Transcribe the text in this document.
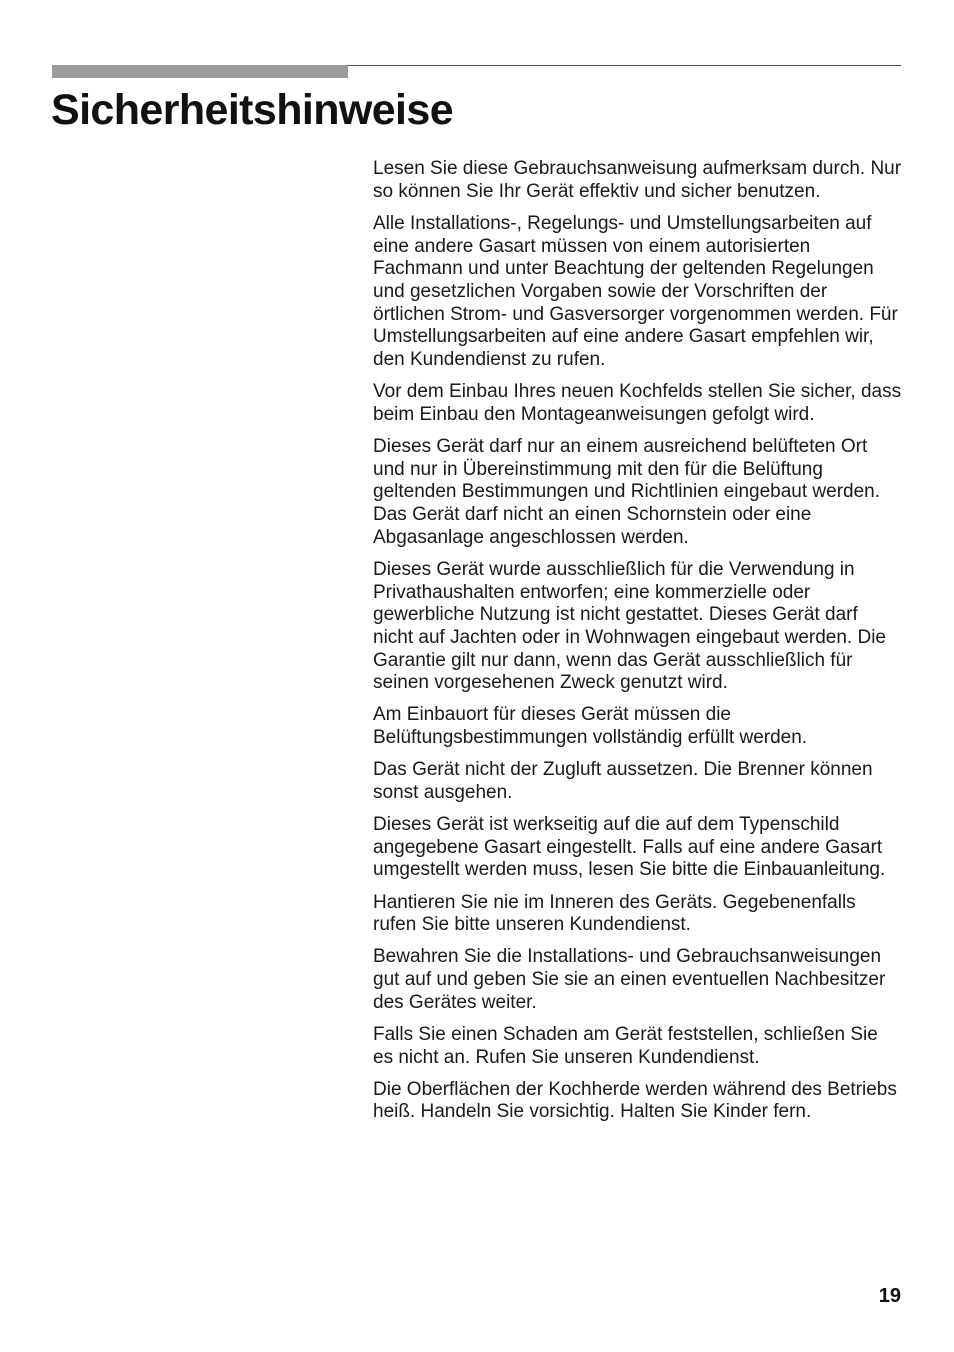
Sicherheitshinweise

Lesen Sie diese Gebrauchsanweisung aufmerksam durch. Nur so können Sie Ihr Gerät effektiv und sicher benutzen.

Alle Installations-, Regelungs- und Umstellungsarbeiten auf eine andere Gasart müssen von einem autorisierten Fachmann und unter Beachtung der geltenden Regelungen und gesetzlichen Vorgaben sowie der Vorschriften der örtlichen Strom- und Gasversorger vorgenommen werden. Für Umstellungsarbeiten auf eine andere Gasart empfehlen wir, den Kundendienst zu rufen.

Vor dem Einbau Ihres neuen Kochfelds stellen Sie sicher, dass beim Einbau den Montageanweisungen gefolgt wird.

Dieses Gerät darf nur an einem ausreichend belüfteten Ort und nur in Übereinstimmung mit den für die Belüftung geltenden Bestimmungen und Richtlinien eingebaut werden. Das Gerät darf nicht an einen Schornstein oder eine Abgasanlage angeschlossen werden.

Dieses Gerät wurde ausschließlich für die Verwendung in Privathaushalten entworfen; eine kommerzielle oder gewerbliche Nutzung ist nicht gestattet. Dieses Gerät darf nicht auf Jachten oder in Wohnwagen eingebaut werden. Die Garantie gilt nur dann, wenn das Gerät ausschließlich für seinen vorgesehenen Zweck genutzt wird.

Am Einbauort für dieses Gerät müssen die Belüftungsbestimmungen vollständig erfüllt werden.

Das Gerät nicht der Zugluft aussetzen. Die Brenner können sonst ausgehen.

Dieses Gerät ist werkseitig auf die auf dem Typenschild angegebene Gasart eingestellt. Falls auf eine andere Gasart umgestellt werden muss, lesen Sie bitte die Einbauanleitung.

Hantieren Sie nie im Inneren des Geräts. Gegebenenfalls rufen Sie bitte unseren Kundendienst.

Bewahren Sie die Installations- und Gebrauchsanweisungen gut auf und geben Sie sie an einen eventuellen Nachbesitzer des Gerätes weiter.

Falls Sie einen Schaden am Gerät feststellen, schließen Sie es nicht an. Rufen Sie unseren Kundendienst.

Die Oberflächen der Kochherde werden während des Betriebs heiß. Handeln Sie vorsichtig. Halten Sie Kinder fern.

19
